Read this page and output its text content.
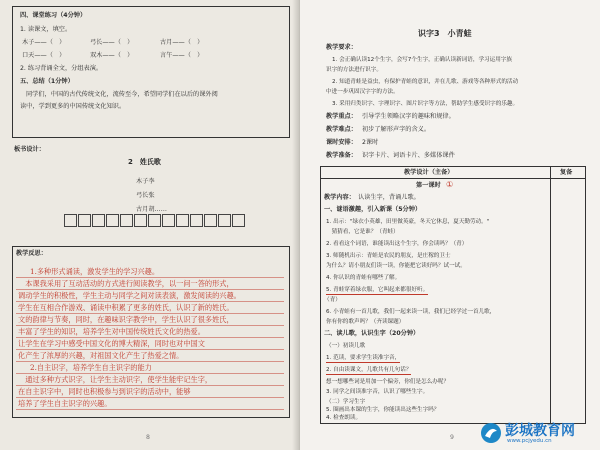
四、课堂练习（4分钟）
1. 读课文，填空。
木子——（　）	弓长——（　）	古月——（　）
口天——（　）	双木——（　）	言午——（　）
2. 练习背诵全文，分组表演。
五、总结（1分钟）
同学们，中国的古代传统文化，流传至今，希望同学们在以后的课外阅
读中，学到更多的中国传统文化知识。
板书设计：
2　姓氏歌
木子李
弓长张
古月胡……
教学反思：
1.多种形式诵读，激发学生的学习兴趣。
　本课我采用了互动活动的方式进行阅读教学，以一问一答的形式，
调动学生的积极性，学生主动与同学之间对读表演，激发阅读的兴趣。
学生在互相合作游戏、诵读中积累了更多的姓氏，认识了新的姓氏。
文的韵律与节奏，同时，在趣味识字教学中，学生认识了很多姓氏，
丰富了学生的知识，培养学生对中国传统姓氏文化的热爱。
让学生在学习中感受中国文化的博大精深，同时也对中国文
化产生了浓厚的兴趣，对祖国文化产生了热爱之情。
2.自主识字，培养学生自主识字的能力
　通过多种方式识字，让学生主动识字，使学生能牢记生字，
在自主识字中，同时也积极参与到识字的活动中，能够
培养了学生自主识字的兴趣。
8
识字3　小青蛙
教学要求：
1. 会正确认读12个生字，会写7个生字，正确认读新词语，学习运用字族
识字的方法进行识字。
2. 知道青蛙是益虫，有保护青蛙的意识，并在儿歌、游戏等各种形式的活动
中进一步巩固汉字字的方法。
3. 采用归类识字、字理识字、图片识字等方法，帮助学生感受识字的乐趣。
教学重点： 引导学生领略汉字的趣味和规律。
教学难点： 初步了解形声字的含义。
课时安排： 2课时
教学准备： 识字卡片、词语卡片、多媒体课件
教学设计（主备）	复备
第一课时 ①
教学内容： 认读生字，背诵儿歌。
一、谜语激趣，引入新课（5分钟）
1. 出示："绿衣小英雄，田里做英豪，冬天它休息，夏天勤劳动。"
　猜猜看，它是谁？（青蛙）
2. 看看这个词语，谁能读出这个生字，你会读吗？（青）
3. 师随机出示：青蛙是农民的朋友，是庄稼的卫士
为什么？请小朋友们读一读，你能把它读好吗？试一试。
4. 你认识的青蛙有哪些了解。
5. 青蛙穿着绿衣服，它叫起来都很好听。
（青）
6. 小青蛙有一首儿歌，我们一起来读一读，我们已经学过一首儿歌，
你有你的歌声吗？（齐读课题）
二、读儿歌，认识生字（20分钟）
（一）初读儿歌
1. 范读，要求学生读准字音，
2. 自由读课文，儿歌共有几句话？
想一想哪些词是用加一个偏旁，你们是怎么办呢？
3. 同学之间读准字音，认识了哪些生字。
（二）学习生字
5. 圈画出本课的生字，你能读出这些生字吗？
4. 检查朗读。
9	彭城教育网
www.pcjyedu.cn
